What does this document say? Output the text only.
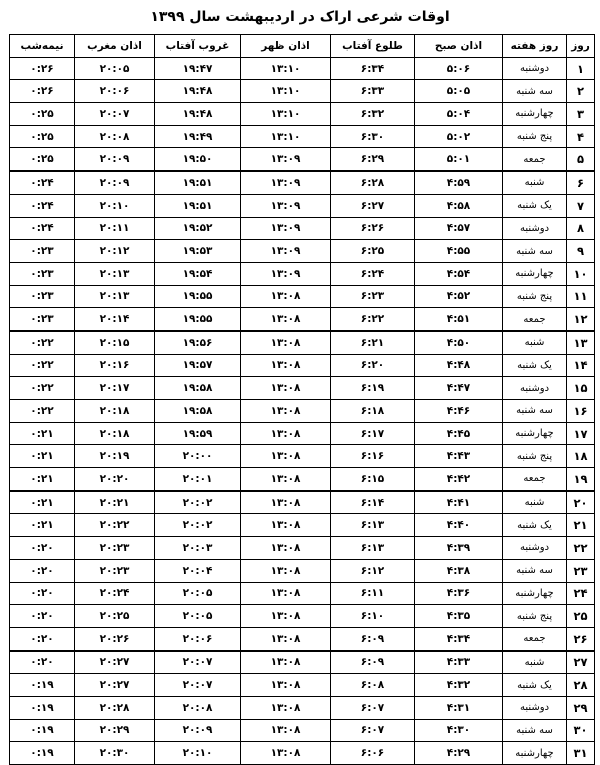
اوقات شرعی اراک در اردیبهشت سال ۱۳۹۹
روز	روز هفته	اذان صبح	طلوع آفتاب	اذان ظهر	غروب آفتاب	اذان مغرب	نیمه‌شب
۱	دوشنبه	۵:۰۶	۶:۳۴	۱۳:۱۰	۱۹:۴۷	۲۰:۰۵	۰:۲۶
۲	سه شنبه	۵:۰۵	۶:۳۳	۱۳:۱۰	۱۹:۴۸	۲۰:۰۶	۰:۲۶
۳	چهارشنبه	۵:۰۴	۶:۳۲	۱۳:۱۰	۱۹:۴۸	۲۰:۰۷	۰:۲۵
۴	پنج شنبه	۵:۰۲	۶:۳۰	۱۳:۱۰	۱۹:۴۹	۲۰:۰۸	۰:۲۵
۵	جمعه	۵:۰۱	۶:۲۹	۱۳:۰۹	۱۹:۵۰	۲۰:۰۹	۰:۲۵
۶	شنبه	۴:۵۹	۶:۲۸	۱۳:۰۹	۱۹:۵۱	۲۰:۰۹	۰:۲۴
۷	یک شنبه	۴:۵۸	۶:۲۷	۱۳:۰۹	۱۹:۵۱	۲۰:۱۰	۰:۲۴
۸	دوشنبه	۴:۵۷	۶:۲۶	۱۳:۰۹	۱۹:۵۲	۲۰:۱۱	۰:۲۴
۹	سه شنبه	۴:۵۵	۶:۲۵	۱۳:۰۹	۱۹:۵۳	۲۰:۱۲	۰:۲۳
۱۰	چهارشنبه	۴:۵۴	۶:۲۴	۱۳:۰۹	۱۹:۵۴	۲۰:۱۳	۰:۲۳
۱۱	پنج شنبه	۴:۵۲	۶:۲۳	۱۳:۰۸	۱۹:۵۵	۲۰:۱۳	۰:۲۳
۱۲	جمعه	۴:۵۱	۶:۲۲	۱۳:۰۸	۱۹:۵۵	۲۰:۱۴	۰:۲۳
۱۳	شنبه	۴:۵۰	۶:۲۱	۱۳:۰۸	۱۹:۵۶	۲۰:۱۵	۰:۲۲
۱۴	یک شنبه	۴:۴۸	۶:۲۰	۱۳:۰۸	۱۹:۵۷	۲۰:۱۶	۰:۲۲
۱۵	دوشنبه	۴:۴۷	۶:۱۹	۱۳:۰۸	۱۹:۵۸	۲۰:۱۷	۰:۲۲
۱۶	سه شنبه	۴:۴۶	۶:۱۸	۱۳:۰۸	۱۹:۵۸	۲۰:۱۸	۰:۲۲
۱۷	چهارشنبه	۴:۴۵	۶:۱۷	۱۳:۰۸	۱۹:۵۹	۲۰:۱۸	۰:۲۱
۱۸	پنج شنبه	۴:۴۳	۶:۱۶	۱۳:۰۸	۲۰:۰۰	۲۰:۱۹	۰:۲۱
۱۹	جمعه	۴:۴۲	۶:۱۵	۱۳:۰۸	۲۰:۰۱	۲۰:۲۰	۰:۲۱
۲۰	شنبه	۴:۴۱	۶:۱۴	۱۳:۰۸	۲۰:۰۲	۲۰:۲۱	۰:۲۱
۲۱	یک شنبه	۴:۴۰	۶:۱۳	۱۳:۰۸	۲۰:۰۲	۲۰:۲۲	۰:۲۱
۲۲	دوشنبه	۴:۳۹	۶:۱۳	۱۳:۰۸	۲۰:۰۳	۲۰:۲۳	۰:۲۰
۲۳	سه شنبه	۴:۳۸	۶:۱۲	۱۳:۰۸	۲۰:۰۴	۲۰:۲۳	۰:۲۰
۲۴	چهارشنبه	۴:۳۶	۶:۱۱	۱۳:۰۸	۲۰:۰۵	۲۰:۲۴	۰:۲۰
۲۵	پنج شنبه	۴:۳۵	۶:۱۰	۱۳:۰۸	۲۰:۰۵	۲۰:۲۵	۰:۲۰
۲۶	جمعه	۴:۳۴	۶:۰۹	۱۳:۰۸	۲۰:۰۶	۲۰:۲۶	۰:۲۰
۲۷	شنبه	۴:۳۳	۶:۰۹	۱۳:۰۸	۲۰:۰۷	۲۰:۲۷	۰:۲۰
۲۸	یک شنبه	۴:۳۲	۶:۰۸	۱۳:۰۸	۲۰:۰۷	۲۰:۲۷	۰:۱۹
۲۹	دوشنبه	۴:۳۱	۶:۰۷	۱۳:۰۸	۲۰:۰۸	۲۰:۲۸	۰:۱۹
۳۰	سه شنبه	۴:۳۰	۶:۰۷	۱۳:۰۸	۲۰:۰۹	۲۰:۲۹	۰:۱۹
۳۱	چهارشنبه	۴:۲۹	۶:۰۶	۱۳:۰۸	۲۰:۱۰	۲۰:۳۰	۰:۱۹
